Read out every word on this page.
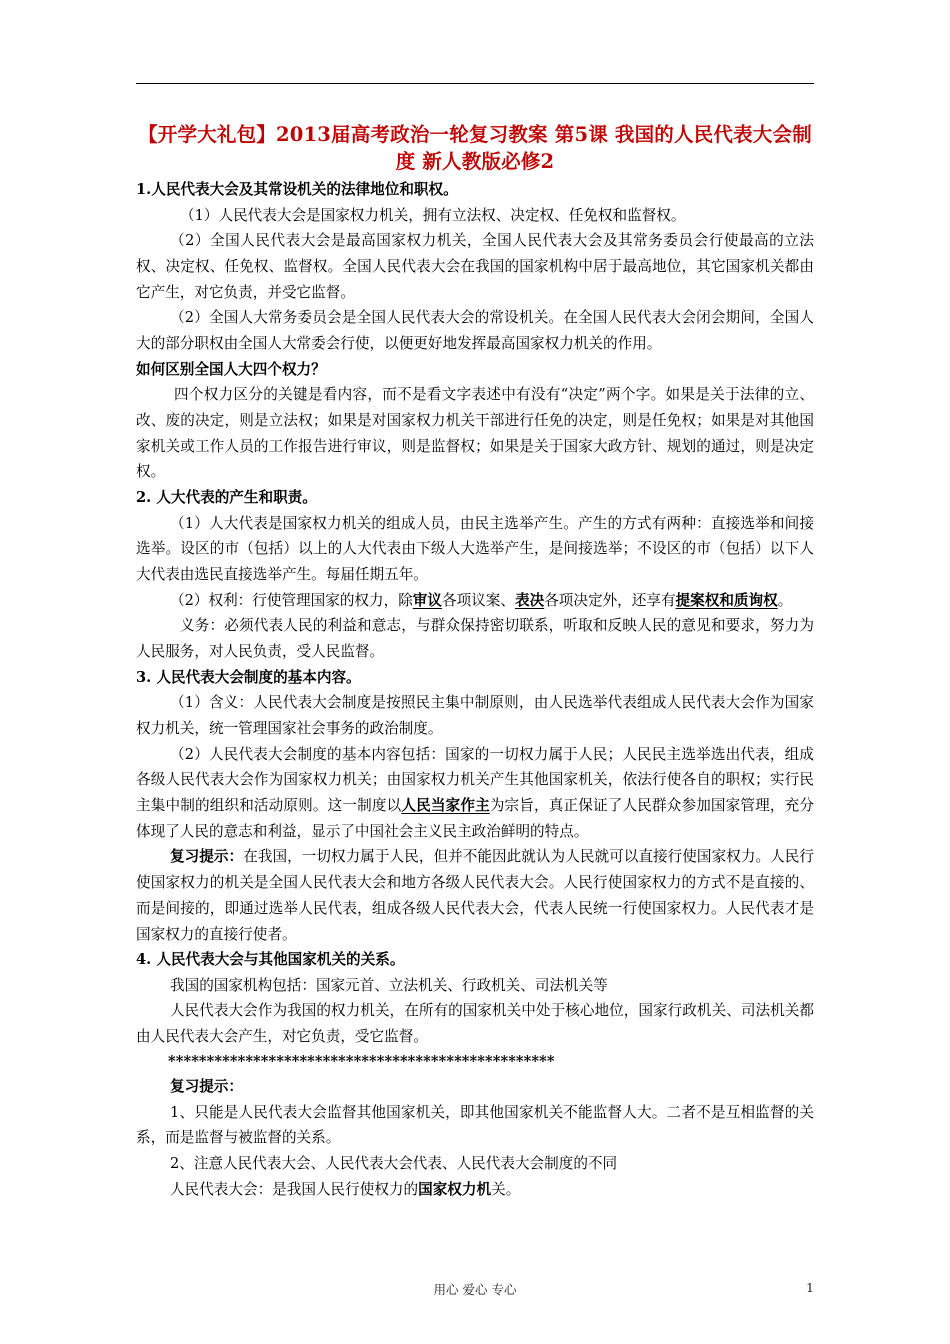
【开学大礼包】2013届高考政治一轮复习教案 第5课 我国的人民代表大会制度 新人教版必修2
1.人民代表大会及其常设机关的法律地位和职权。
（1）人民代表大会是国家权力机关，拥有立法权、决定权、任免权和监督权。
（2）全国人民代表大会是最高国家权力机关，全国人民代表大会及其常务委员会行使最高的立法权、决定权、任免权、监督权。全国人民代表大会在我国的国家机构中居于最高地位，其它国家机关都由它产生，对它负责，并受它监督。
（2）全国人大常务委员会是全国人民代表大会的常设机关。在全国人民代表大会闭会期间，全国人大的部分职权由全国人大常委会行使，以便更好地发挥最高国家权力机关的作用。
如何区别全国人大四个权力？
四个权力区分的关键是看内容，而不是看文字表述中有没有“决定”两个字。如果是关于法律的立、改、废的决定，则是立法权；如果是对国家权力机关干部进行任免的决定，则是任免权；如果是对其他国家机关或工作人员的工作报告进行审议，则是监督权；如果是关于国家大政方针、规划的通过，则是决定权。
2. 人大代表的产生和职责。
（1）人大代表是国家权力机关的组成人员，由民主选举产生。产生的方式有两种：直接选举和间接选举。设区的市（包括）以上的人大代表由下级人大选举产生，是间接选举；不设区的市（包括）以下人大代表由选民直接选举产生。每届任期五年。
（2）权利：行使管理国家的权力，除审议各项议案、表决各项决定外，还享有提案权和质询权。
义务：必须代表人民的利益和意志，与群众保持密切联系，听取和反映人民的意见和要求，努力为人民服务，对人民负责，受人民监督。
3. 人民代表大会制度的基本内容。
（1）含义：人民代表大会制度是按照民主集中制原则，由人民选举代表组成人民代表大会作为国家权力机关，统一管理国家社会事务的政治制度。
（2）人民代表大会制度的基本内容包括：国家的一切权力属于人民；人民民主选举选出代表，组成各级人民代表大会作为国家权力机关；由国家权力机关产生其他国家机关，依法行使各自的职权；实行民主集中制的组织和活动原则。这一制度以人民当家作主为宗旨，真正保证了人民群众参加国家管理，充分体现了人民的意志和利益，显示了中国社会主义民主政治鲜明的特点。
复习提示：在我国，一切权力属于人民，但并不能因此就认为人民就可以直接行使国家权力。人民行使国家权力的机关是全国人民代表大会和地方各级人民代表大会。人民行使国家权力的方式不是直接的、而是间接的，即通过选举人民代表，组成各级人民代表大会，代表人民统一行使国家权力。人民代表才是国家权力的直接行使者。
4. 人民代表大会与其他国家机关的关系。
我国的国家机构包括：国家元首、立法机关、行政机关、司法机关等
人民代表大会作为我国的权力机关，在所有的国家机关中处于核心地位，国家行政机关、司法机关都由人民代表大会产生，对它负责，受它监督。
**************************************************
复习提示：
1、只能是人民代表大会监督其他国家机关，即其他国家机关不能监督人大。二者不是互相监督的关系，而是监督与被监督的关系。
2、注意人民代表大会、人民代表大会代表、人民代表大会制度的不同
人民代表大会：是我国人民行使权力的国家权力机关。
用心 爱心 专心	1
